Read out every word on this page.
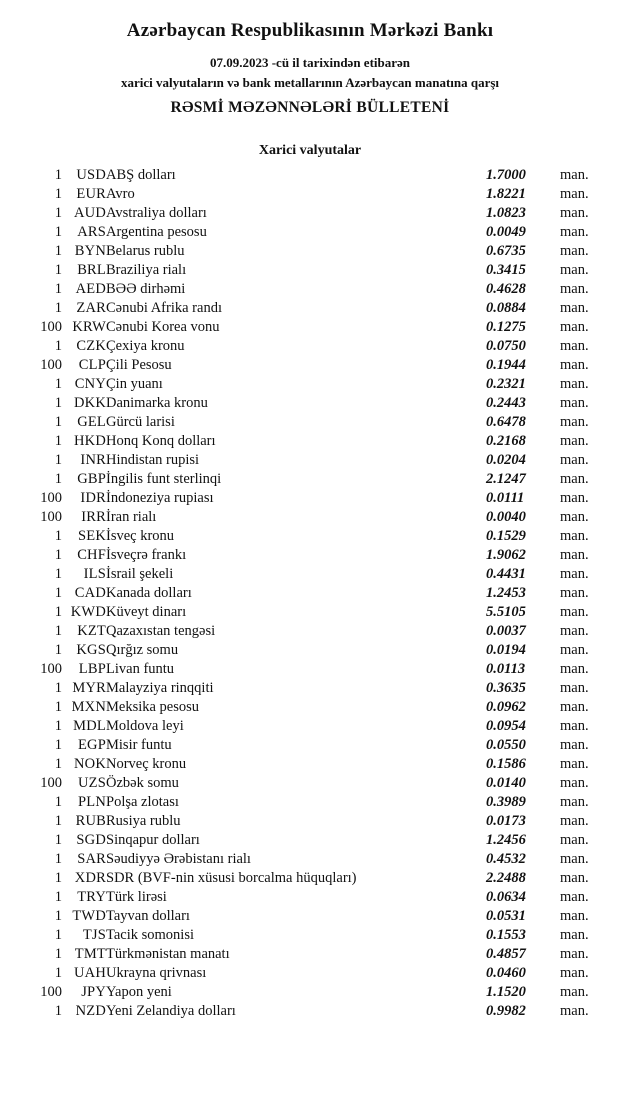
Azərbaycan Respublikasının Mərkəzi Bankı
07.09.2023 -cü il tarixindən etibarən
xarici valyutaların və bank metallarının Azərbaycan manatına qarşı
RƏSMİ MƏZƏNNƏLƏRİ BÜLLETENİ
Xarici valyutalar
1	USD	ABŞ dolları	1.7000	man.
1	EUR	Avro	1.8221	man.
1	AUD	Avstraliya dolları	1.0823	man.
1	ARS	Argentina pesosu	0.0049	man.
1	BYN	Belarus rublu	0.6735	man.
1	BRL	Braziliya rialı	0.3415	man.
1	AED	BƏƏ dirhəmi	0.4628	man.
1	ZAR	Cənubi Afrika randı	0.0884	man.
100	KRW	Cənubi Korea vonu	0.1275	man.
1	CZK	Çexiya kronu	0.0750	man.
100	CLP	Çili Pesosu	0.1944	man.
1	CNY	Çin yuanı	0.2321	man.
1	DKK	Danimarka kronu	0.2443	man.
1	GEL	Gürcü larisi	0.6478	man.
1	HKD	Honq Konq dolları	0.2168	man.
1	INR	Hindistan rupisi	0.0204	man.
1	GBP	İngilis funt sterlinqi	2.1247	man.
100	IDR	İndoneziya rupiası	0.0111	man.
100	IRR	İran rialı	0.0040	man.
1	SEK	İsveç kronu	0.1529	man.
1	CHF	İsveçrə frankı	1.9062	man.
1	ILS	İsrail şekeli	0.4431	man.
1	CAD	Kanada dolları	1.2453	man.
1	KWD	Küveyt dinarı	5.5105	man.
1	KZT	Qazaxıstan tengəsi	0.0037	man.
1	KGS	Qırğız somu	0.0194	man.
100	LBP	Livan funtu	0.0113	man.
1	MYR	Malayziya rinqqiti	0.3635	man.
1	MXN	Meksika pesosu	0.0962	man.
1	MDL	Moldova leyi	0.0954	man.
1	EGP	Misir funtu	0.0550	man.
1	NOK	Norveç kronu	0.1586	man.
100	UZS	Özbək somu	0.0140	man.
1	PLN	Polşa zlotası	0.3989	man.
1	RUB	Rusiya rublu	0.0173	man.
1	SGD	Sinqapur dolları	1.2456	man.
1	SAR	Səudiyyə Ərəbistanı rialı	0.4532	man.
1	XDR	SDR (BVF-nin xüsusi borcalma hüquqları)	2.2488	man.
1	TRY	Türk lirəsi	0.0634	man.
1	TWD	Tayvan dolları	0.0531	man.
1	TJS	Tacik somonisi	0.1553	man.
1	TMT	Türkmənistan manatı	0.4857	man.
1	UAH	Ukrayna qrivnası	0.0460	man.
100	JPY	Yapon yeni	1.1520	man.
1	NZD	Yeni Zelandiya dolları	0.9982	man.
